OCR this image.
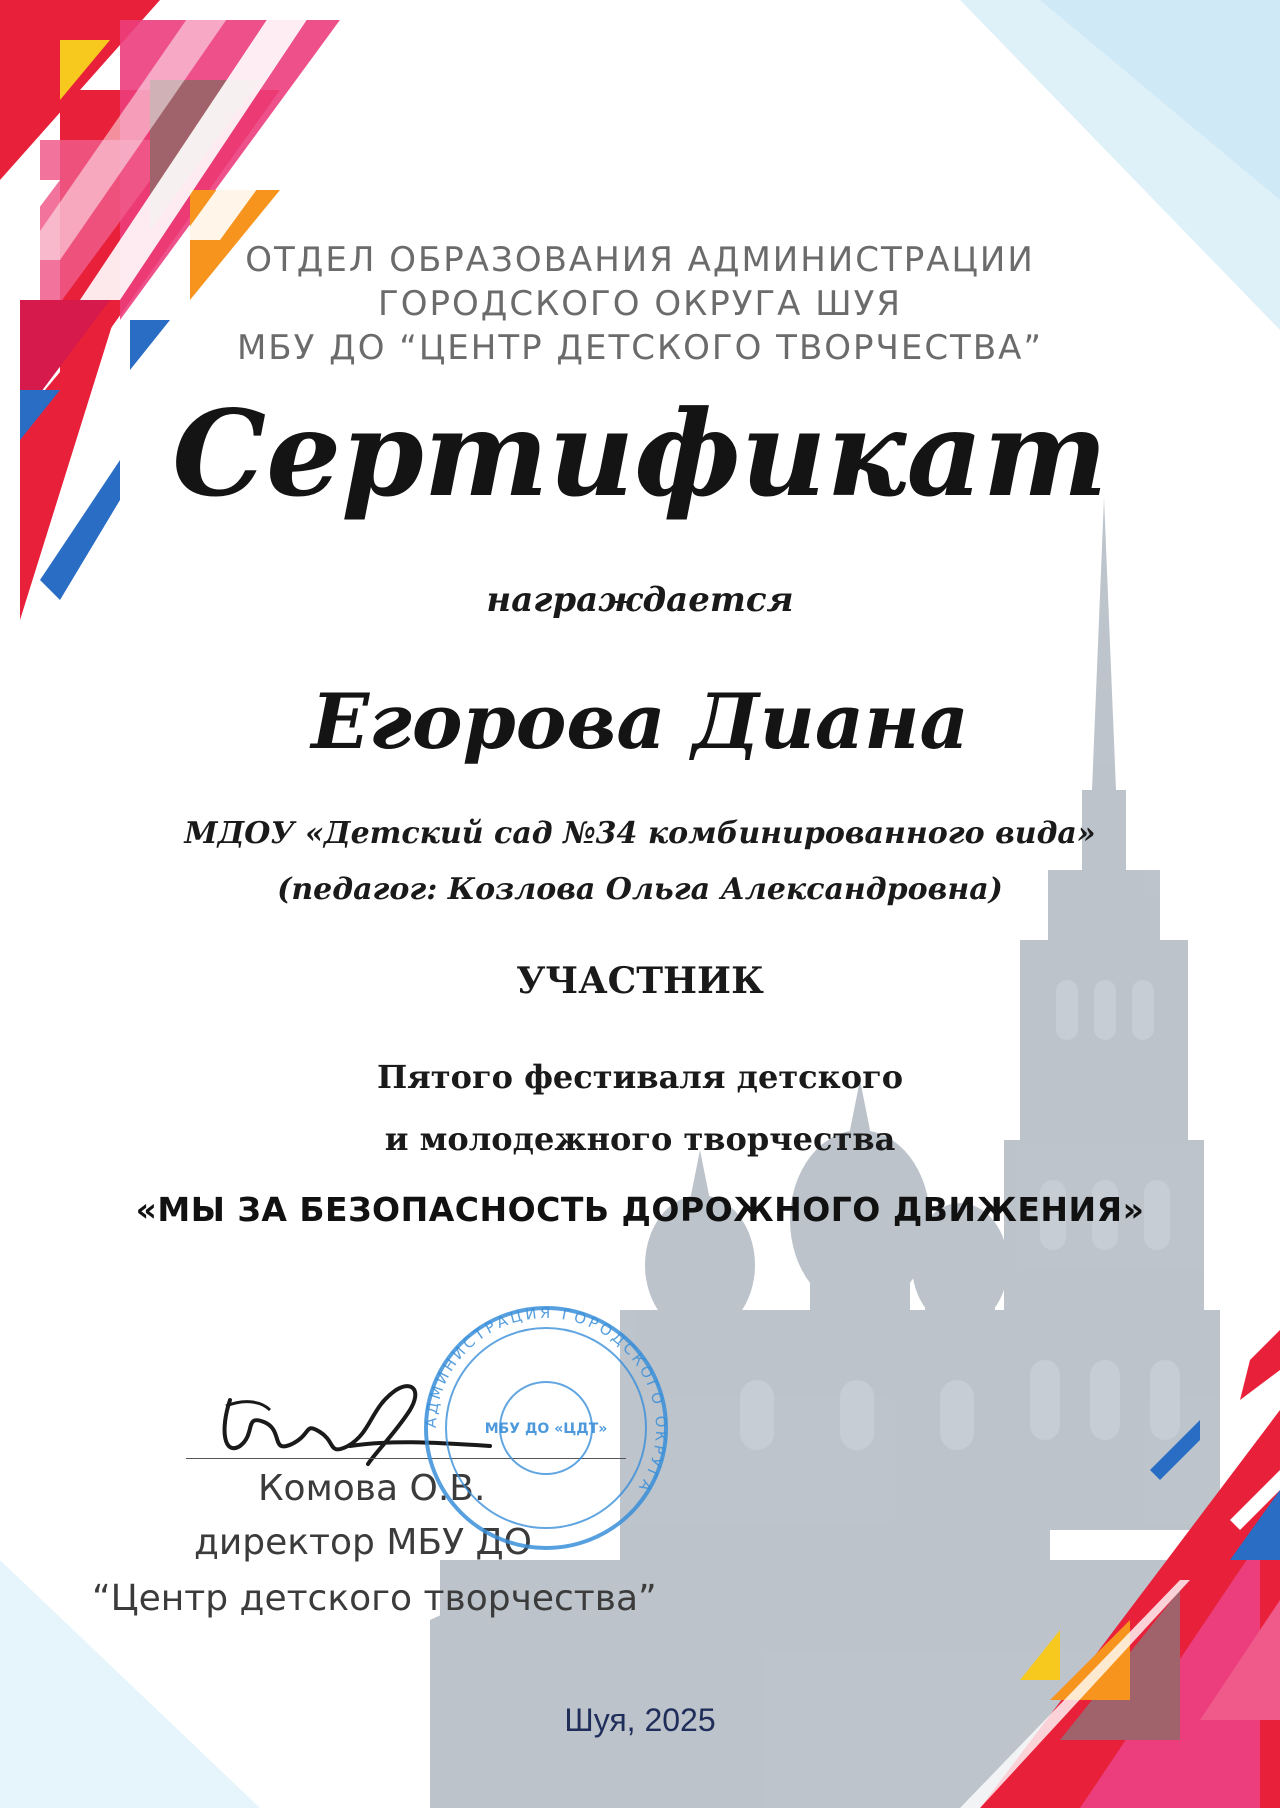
ОТДЕЛ ОБРАЗОВАНИЯ АДМИНИСТРАЦИИ
ГОРОДСКОГО ОКРУГА ШУЯ
МБУ ДО “ЦЕНТР ДЕТСКОГО ТВОРЧЕСТВА”
Сертификат
награждается
Егорова Диана
МДОУ «Детский сад №34 комбинированного вида»
(педагог: Козлова Ольга Александровна)
УЧАСТНИК
Пятого фестиваля детского
и молодежного творчества
«МЫ ЗА БЕЗОПАСНОСТЬ ДОРОЖНОГО ДВИЖЕНИЯ»
Комова О.В.
директор МБУ ДО
“Центр детского творчества”
АДМИНИСТРАЦИЯ ГОРОДСКОГО ОКРУГА
МБУ ДО «ЦДТ»
Шуя, 2025
